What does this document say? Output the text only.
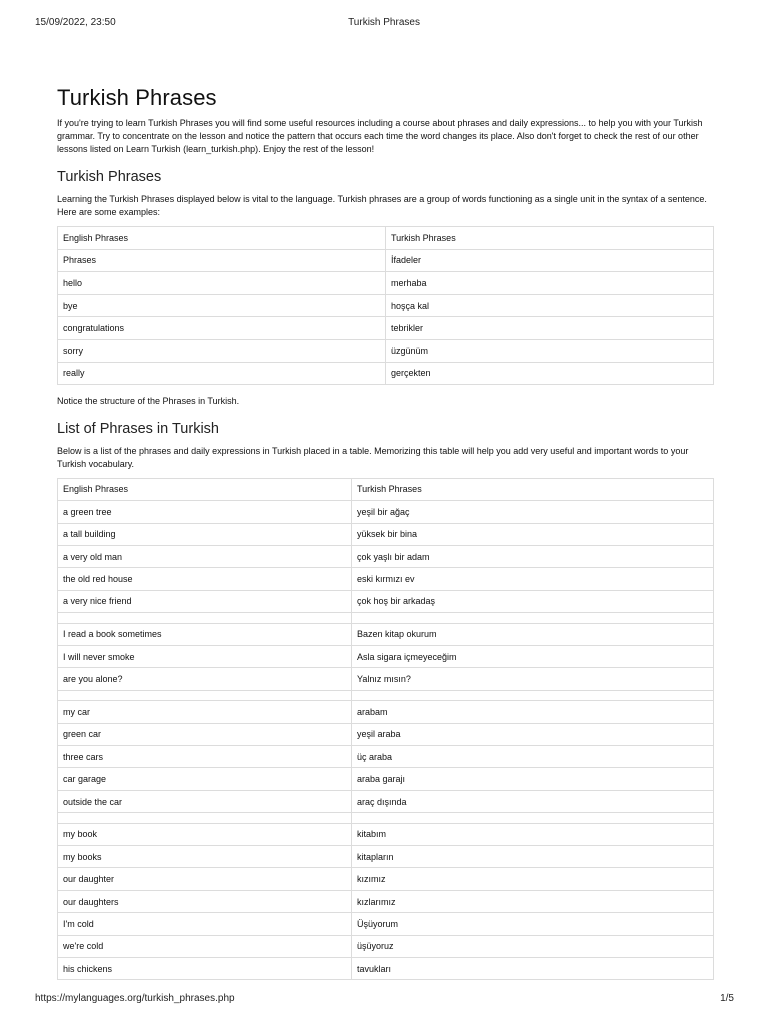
15/09/2022, 23:50	Turkish Phrases
Turkish Phrases

If you're trying to learn Turkish Phrases you will find some useful resources including a course about phrases and daily expressions... to help you with your Turkish grammar. Try to concentrate on the lesson and notice the pattern that occurs each time the word changes its place. Also don't forget to check the rest of our other lessons listed on Learn Turkish (learn_turkish.php). Enjoy the rest of the lesson!

Turkish Phrases

Learning the Turkish Phrases displayed below is vital to the language. Turkish phrases are a group of words functioning as a single unit in the syntax of a sentence. Here are some examples:

English Phrases	Turkish Phrases
Phrases	İfadeler
hello	merhaba
bye	hoşça kal
congratulations	tebrikler
sorry	üzgünüm
really	gerçekten

Notice the structure of the Phrases in Turkish.

List of Phrases in Turkish

Below is a list of the phrases and daily expressions in Turkish placed in a table. Memorizing this table will help you add very useful and important words to your Turkish vocabulary.

English Phrases	Turkish Phrases
a green tree	yeşil bir ağaç
a tall building	yüksek bir bina
a very old man	çok yaşlı bir adam
the old red house	eski kırmızı ev
a very nice friend	çok hoş bir arkadaş

I read a book sometimes	Bazen kitap okurum
I will never smoke	Asla sigara içmeyeceğim
are you alone?	Yalnız mısın?

my car	arabam
green car	yeşil araba
three cars	üç araba
car garage	araba garajı
outside the car	araç dışında

my book	kitabım
my books	kitapların
our daughter	kızımız
our daughters	kızlarımız
I'm cold	Üşüyorum
we're cold	üşüyoruz
his chickens	tavukları
https://mylanguages.org/turkish_phrases.php	1/5
